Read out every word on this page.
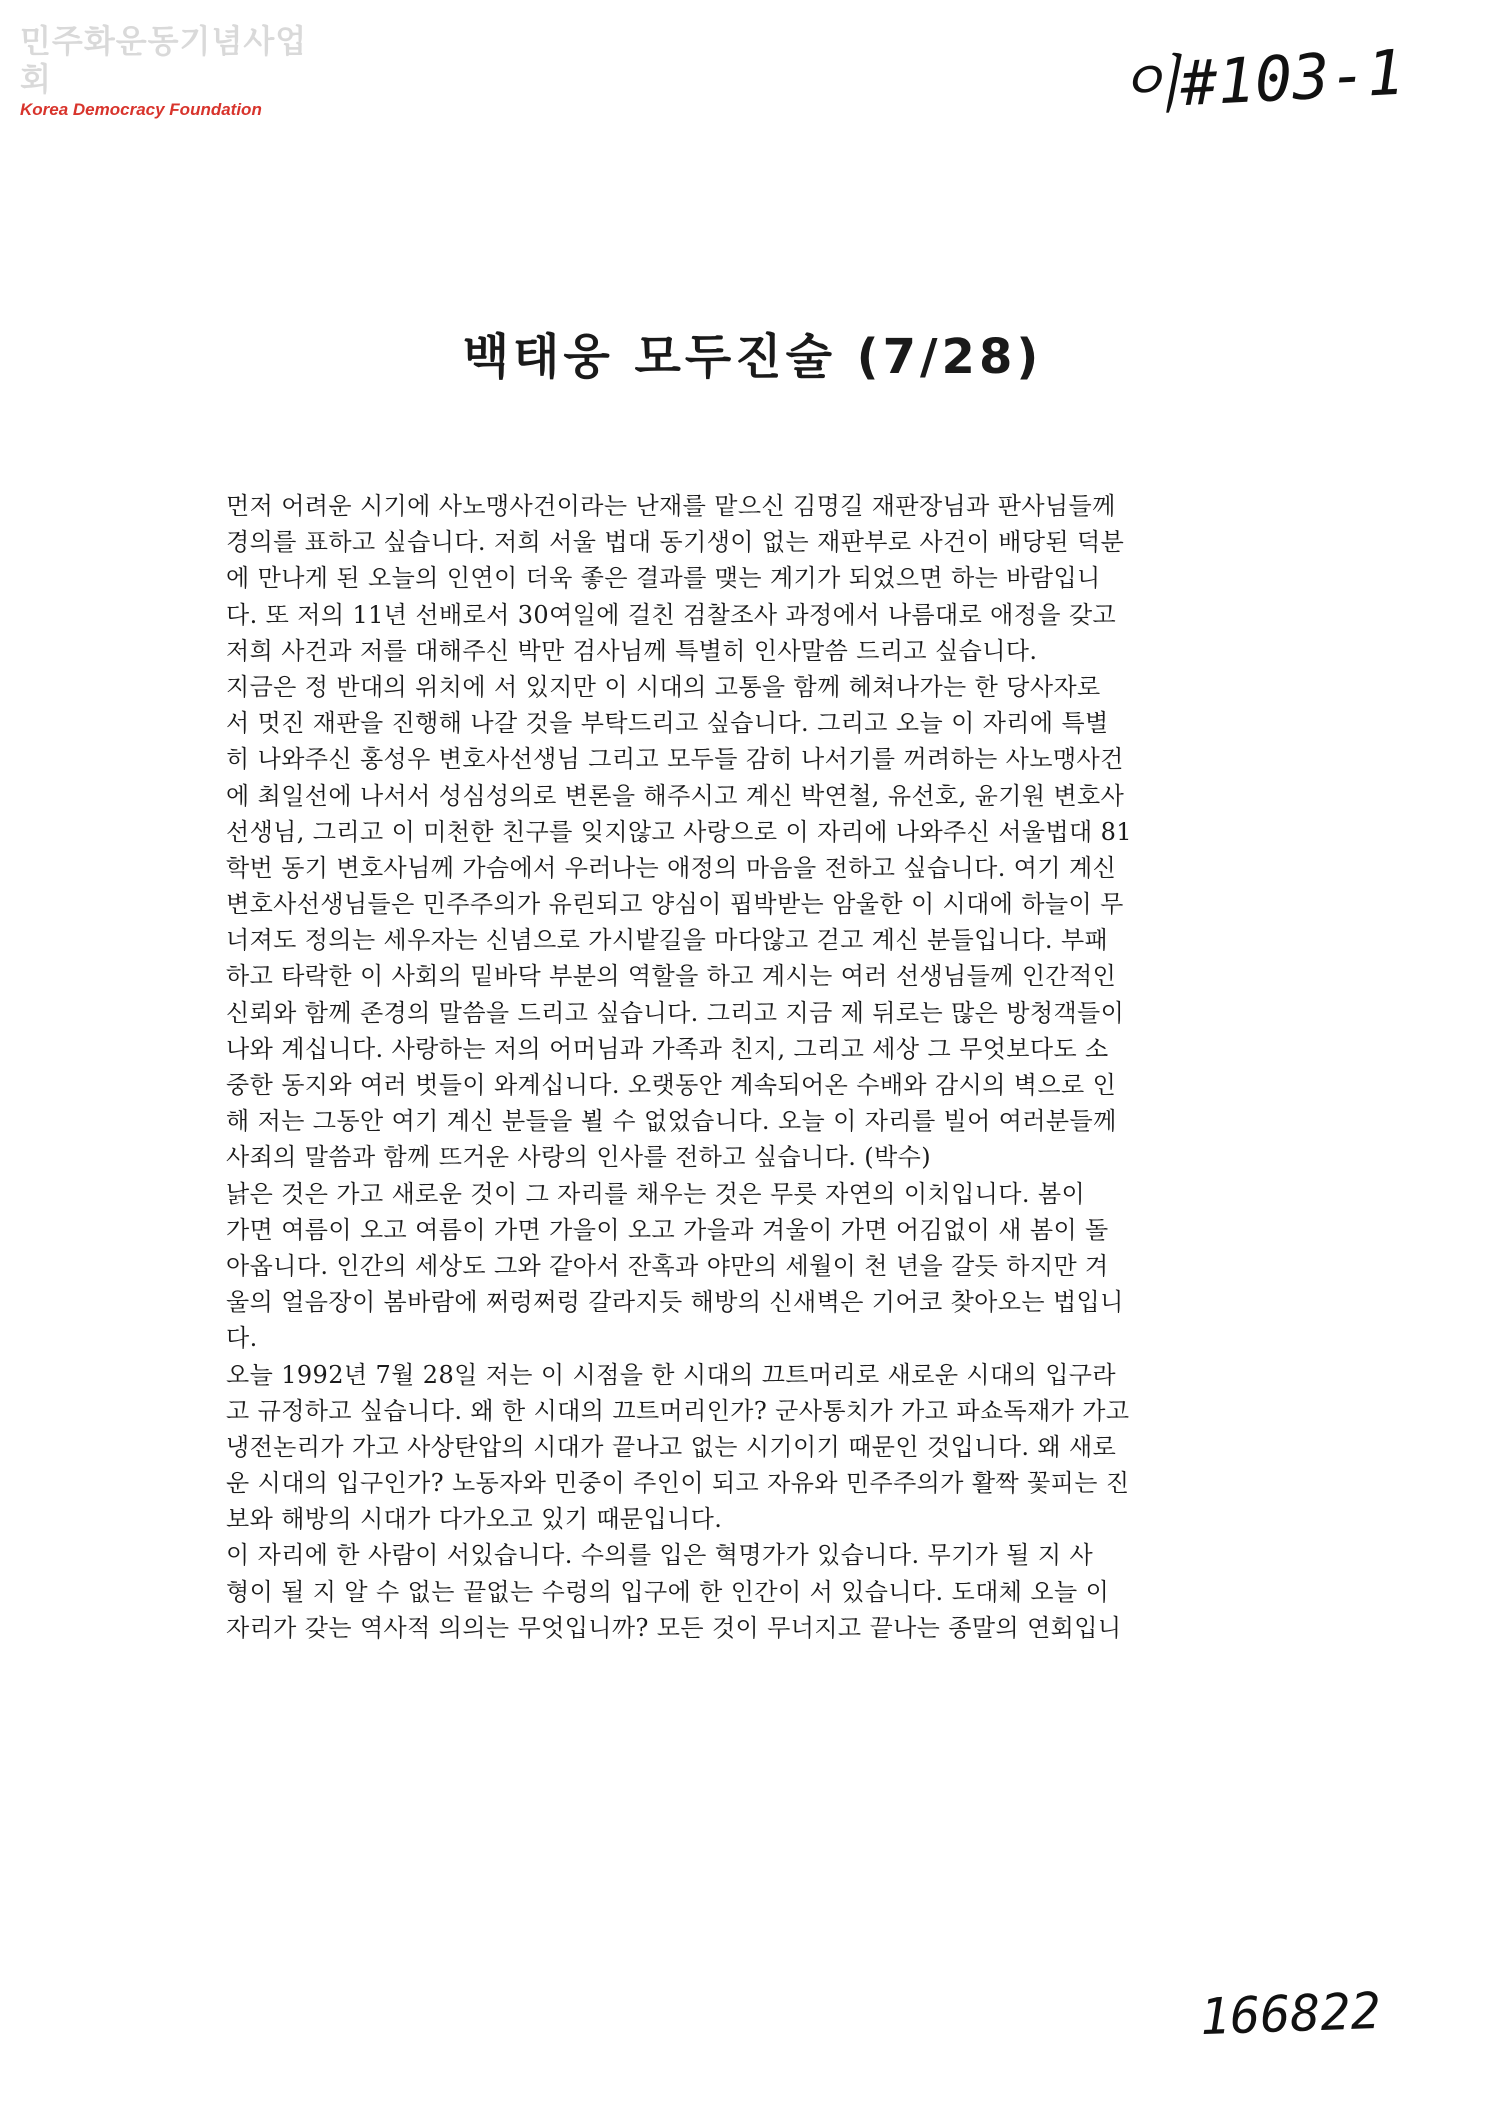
민주화운동기념사업회
Korea Democracy Foundation	이#103-1
백태웅 모두진술 (7/28)
먼저 어려운 시기에 사노맹사건이라는 난재를 맡으신 김명길 재판장님과 판사님들께
경의를 표하고 싶습니다. 저희 서울 법대 동기생이 없는 재판부로 사건이 배당된 덕분
에 만나게 된 오늘의 인연이 더욱 좋은 결과를 맺는 계기가 되었으면 하는 바람입니
다. 또 저의 11년 선배로서 30여일에 걸친 검찰조사 과정에서 나름대로 애정을 갖고
저희 사건과 저를 대해주신 박만 검사님께 특별히 인사말씀 드리고 싶습니다.
지금은 정 반대의 위치에 서 있지만 이 시대의 고통을 함께 헤쳐나가는 한 당사자로
서 멋진 재판을 진행해 나갈 것을 부탁드리고 싶습니다. 그리고 오늘 이 자리에 특별
히 나와주신 홍성우 변호사선생님 그리고 모두들 감히 나서기를 꺼려하는 사노맹사건
에 최일선에 나서서 성심성의로 변론을 해주시고 계신 박연철, 유선호, 윤기원 변호사
선생님, 그리고 이 미천한 친구를 잊지않고 사랑으로 이 자리에 나와주신 서울법대 81
학번 동기 변호사님께 가슴에서 우러나는 애정의 마음을 전하고 싶습니다. 여기 계신
변호사선생님들은 민주주의가 유린되고 양심이 핍박받는 암울한 이 시대에 하늘이 무
너져도 정의는 세우자는 신념으로 가시밭길을 마다않고 걷고 계신 분들입니다. 부패
하고 타락한 이 사회의 밑바닥 부분의 역할을 하고 계시는 여러 선생님들께 인간적인
신뢰와 함께 존경의 말씀을 드리고 싶습니다. 그리고 지금 제 뒤로는 많은 방청객들이
나와 계십니다. 사랑하는 저의 어머님과 가족과 친지, 그리고 세상 그 무엇보다도 소
중한 동지와 여러 벗들이 와계십니다. 오랫동안 계속되어온 수배와 감시의 벽으로 인
해 저는 그동안 여기 계신 분들을 뵐 수 없었습니다. 오늘 이 자리를 빌어 여러분들께
사죄의 말씀과 함께 뜨거운 사랑의 인사를 전하고 싶습니다. (박수)
낡은 것은 가고 새로운 것이 그 자리를 채우는 것은 무릇 자연의 이치입니다. 봄이
가면 여름이 오고 여름이 가면 가을이 오고 가을과 겨울이 가면 어김없이 새 봄이 돌
아옵니다. 인간의 세상도 그와 같아서 잔혹과 야만의 세월이 천 년을 갈듯 하지만 겨
울의 얼음장이 봄바람에 쩌렁쩌렁 갈라지듯 해방의 신새벽은 기어코 찾아오는 법입니
다.
오늘 1992년 7월 28일 저는 이 시점을 한 시대의 끄트머리로 새로운 시대의 입구라
고 규정하고 싶습니다. 왜 한 시대의 끄트머리인가? 군사통치가 가고 파쇼독재가 가고
냉전논리가 가고 사상탄압의 시대가 끝나고 없는 시기이기 때문인 것입니다. 왜 새로
운 시대의 입구인가? 노동자와 민중이 주인이 되고 자유와 민주주의가 활짝 꽃피는 진
보와 해방의 시대가 다가오고 있기 때문입니다.
이 자리에 한 사람이 서있습니다. 수의를 입은 혁명가가 있습니다. 무기가 될 지 사
형이 될 지 알 수 없는 끝없는 수렁의 입구에 한 인간이 서 있습니다. 도대체 오늘 이
자리가 갖는 역사적 의의는 무엇입니까? 모든 것이 무너지고 끝나는 종말의 연회입니
166822
